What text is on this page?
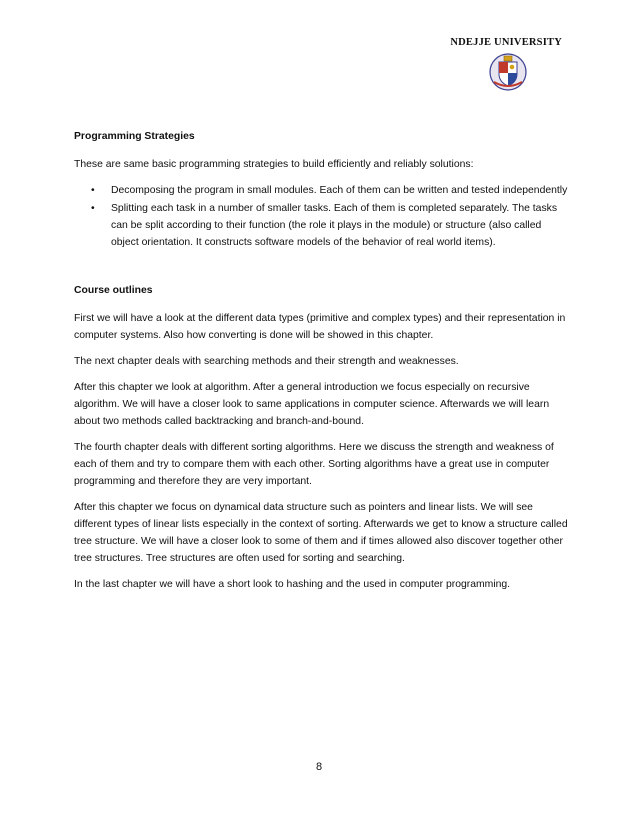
NDEJJE UNIVERSITY
Programming Strategies
These are same basic programming strategies to build efficiently and reliably solutions:
• Decomposing the program in small modules. Each of them can be written and tested independently
• Splitting each task in a number of smaller tasks. Each of them is completed separately. The tasks can be split according to their function (the role it plays in the module) or structure (also called object orientation. It constructs software models of the behavior of real world items).
Course outlines
First we will have a look at the different data types (primitive and complex types) and their representation in computer systems. Also how converting is done will be showed in this chapter.
The next chapter deals with searching methods and their strength and weaknesses.
After this chapter we look at algorithm. After a general introduction we focus especially on recursive algorithm. We will have a closer look to same applications in computer science. Afterwards we will learn about two methods called backtracking and branch-and-bound.
The fourth chapter deals with different sorting algorithms. Here we discuss the strength and weakness of each of them and try to compare them with each other. Sorting algorithms have a great use in computer programming and therefore they are very important.
After this chapter we focus on dynamical data structure such as pointers and linear lists. We will see different types of linear lists especially in the context of sorting. Afterwards we get to know a structure called tree structure. We will have a closer look to some of them and if times allowed also discover together other tree structures. Tree structures are often used for sorting and searching.
In the last chapter we will have a short look to hashing and the used in computer programming.
8
